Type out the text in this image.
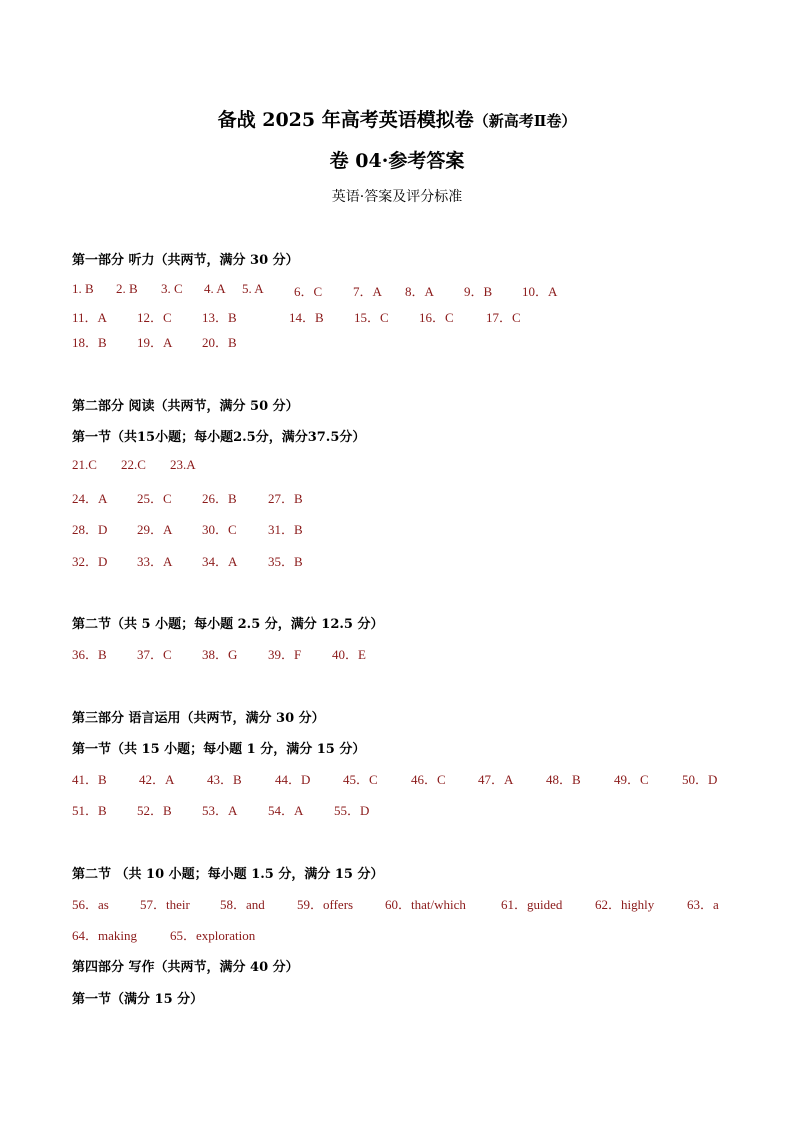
备战 2025 年高考英语模拟卷（新高考Ⅱ卷）
卷 04·参考答案
英语·答案及评分标准
第一部分 听力（共两节，满分 30 分）
1. B 2. B 3. C 4. A 5. A 6．C 7．A 8．A 9．B 10．A
11．A 12．C 13．B	14．B 15．C 16．C 17．C
18．B 19．A 20．B
第二部分 阅读（共两节，满分 50 分）
第一节（共15小题；每小题2.5分，满分37.5分）
21.C 22.C 23.A
24．A 25．C 26．B 27．B
28．D 29．A 30．C 31．B
32．D 33．A 34．A 35．B
第二节（共 5 小题；每小题 2.5 分，满分 12.5 分）
36．B 37．C 38．G 39．F 40．E
第三部分 语言运用（共两节，满分 30 分）
第一节（共 15 小题；每小题 1 分，满分 15 分）
41．B 42．A	43．B	44．D	45．C	46．C 47．A	48．B	49．C	50．D
51．B 52．B 53．A 54．A 55．D
第二节 （共 10 小题；每小题 1.5 分，满分 15 分）
56．as 57．their 58．and 59．offers 60．that/which	61．guided	62．highly	63．a
64．making	65．exploration
第四部分 写作（共两节，满分 40 分）
第一节（满分 15 分）
